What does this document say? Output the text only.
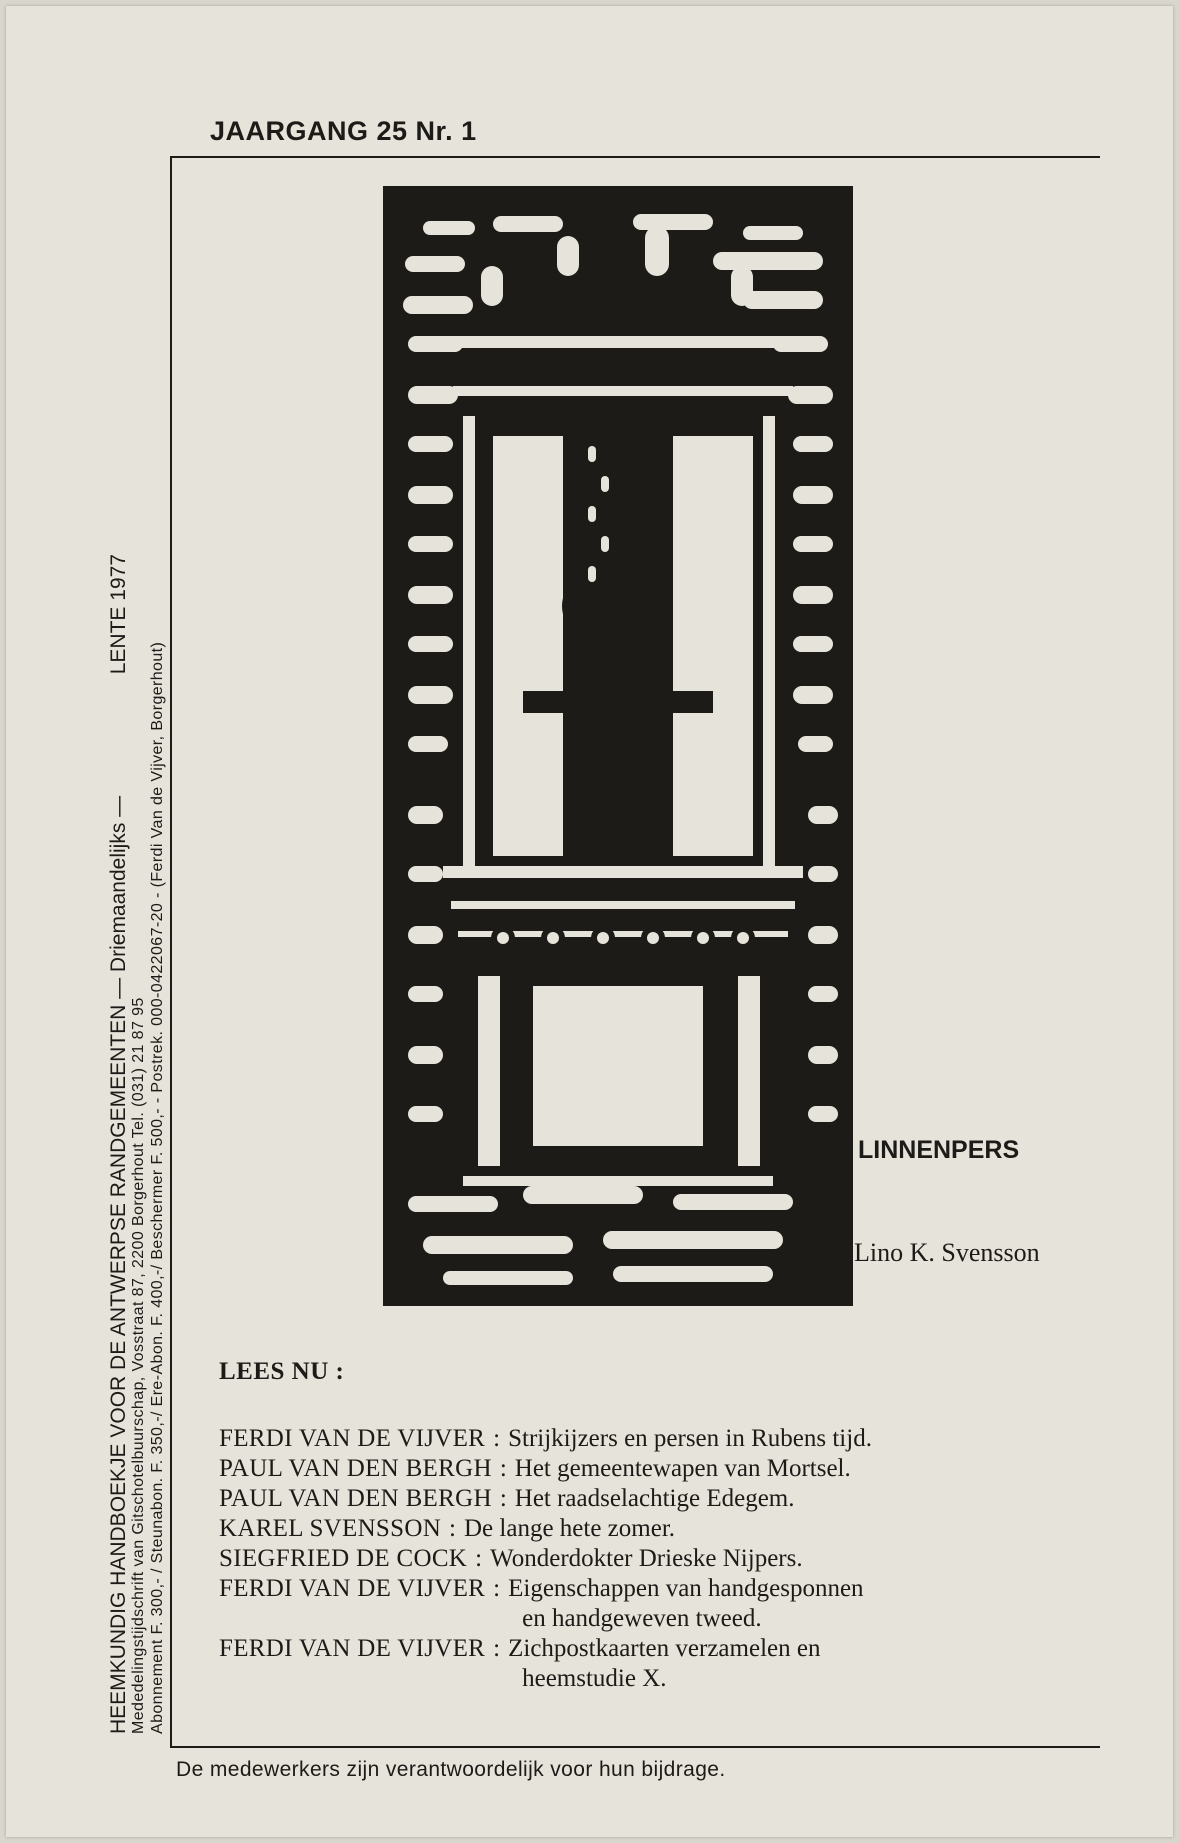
JAARGANG 25 Nr. 1
HEEMKUNDIG HANDBOEKJE VOOR DE ANTWERPSE RANDGEMEENTEN — Driemaandelijks —
LENTE 1977
Mededelingstijdschrift van Gitschotelbuurschap, Vosstraat 87, 2200 Borgerhout Tel. (031) 21 87 95 Abonnement F. 300,- / Steunabon. F. 350,-/ Ere-Abon. F. 400,-/ Beschermer F. 500,- - Postrek. 000-0422067-20 - (Ferdi Van de Vijver, Borgerhout)	LINNENPERS
Lino K. Svensson
LEES NU :
FERDI VAN DE VIJVER : Strijkijzers en persen in Rubens tijd.
PAUL VAN DEN BERGH : Het gemeentewapen van Mortsel.
PAUL VAN DEN BERGH : Het raadselachtige Edegem.
KAREL SVENSSON : De lange hete zomer.
SIEGFRIED DE COCK : Wonderdokter Drieske Nijpers.
FERDI VAN DE VIJVER : Eigenschappen van handgesponnen
en handgeweven tweed.
FERDI VAN DE VIJVER : Zichpostkaarten verzamelen en
heemstudie X.
De medewerkers zijn verantwoordelijk voor hun bijdrage.
